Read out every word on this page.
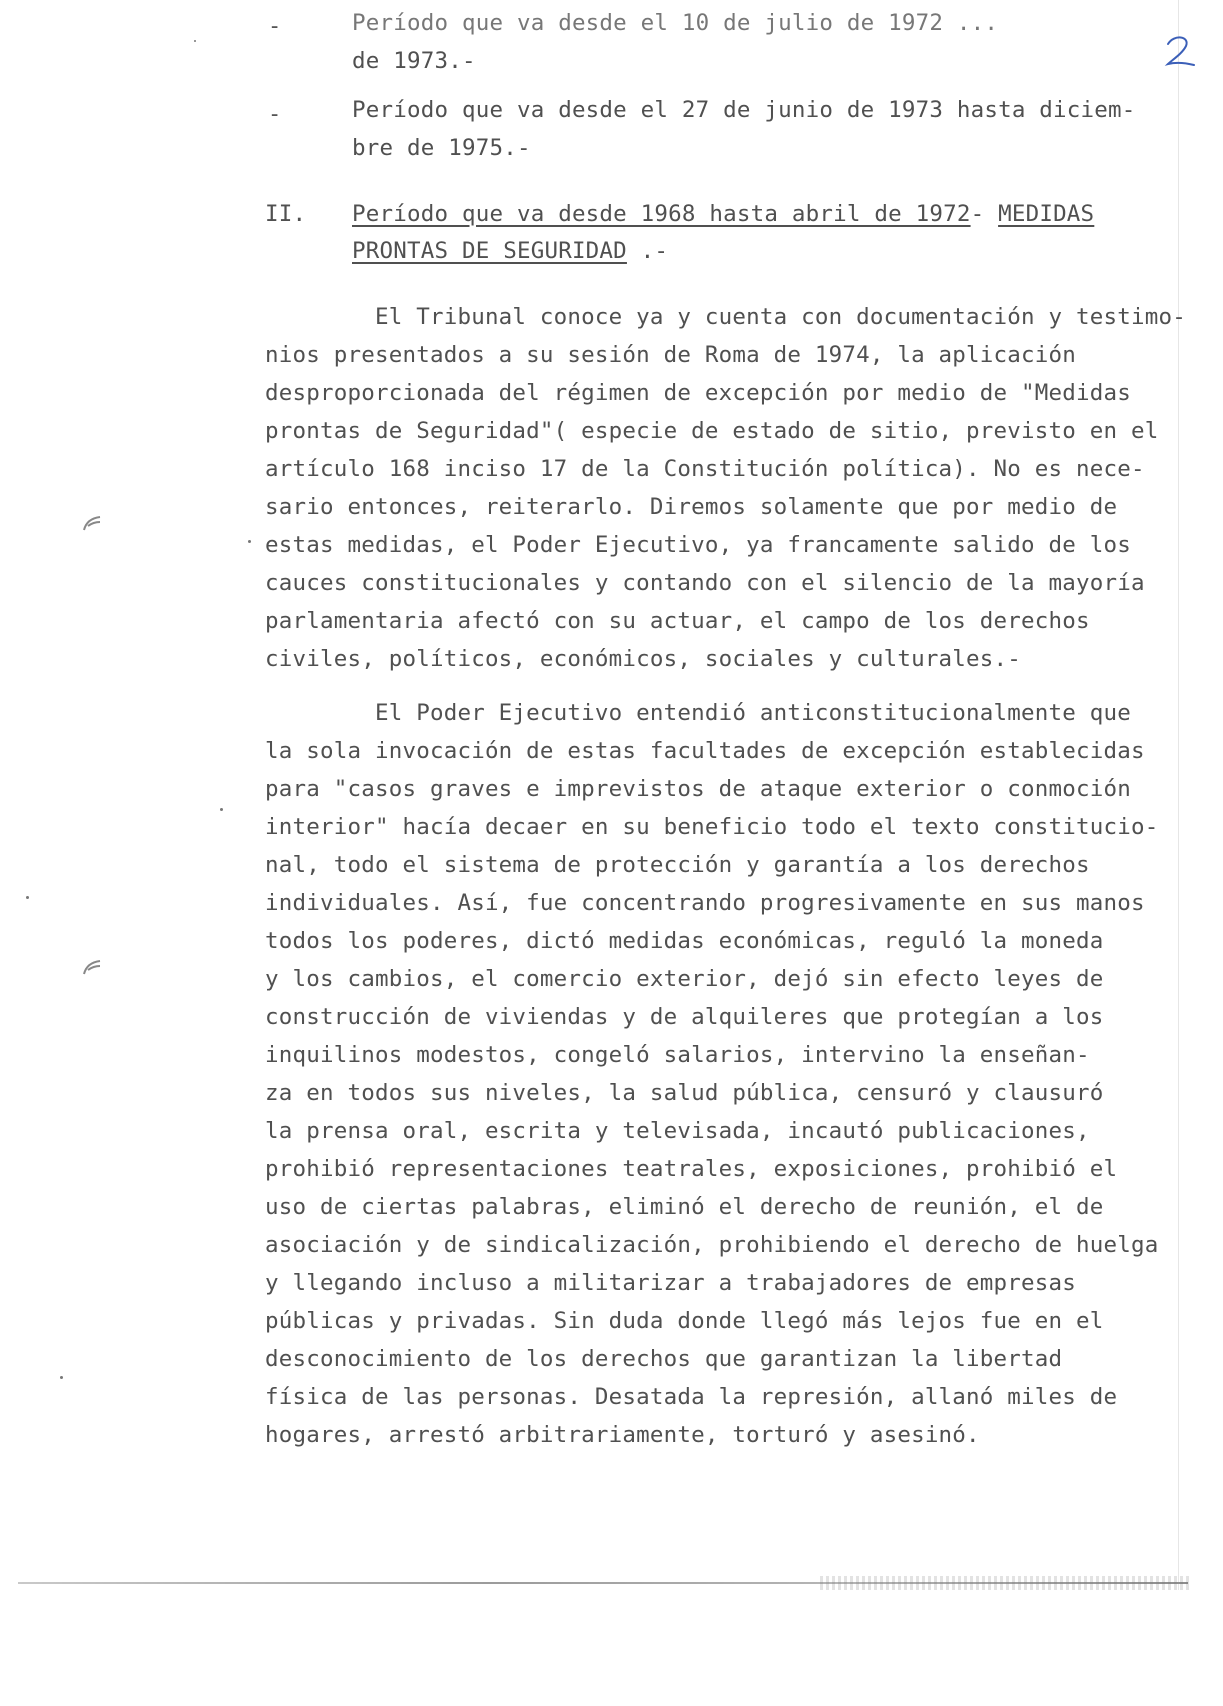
-	Período que va desde el 10 de julio de 1972 ...
de 1973.-
-	Período que va desde el 27 de junio de 1973 hasta diciem-
bre de 1975.-
II. Período que va desde 1968 hasta abril de 1972- MEDIDAS
PRONTAS DE SEGURIDAD .-
El Tribunal conoce ya y cuenta con documentación y testimo-
nios presentados a su sesión de Roma de 1974, la aplicación
desproporcionada del régimen de excepción por medio de "Medidas
prontas de Seguridad"( especie de estado de sitio, previsto en el
artículo 168 inciso 17 de la Constitución política). No es nece-
sario entonces, reiterarlo. Diremos solamente que por medio de
estas medidas, el Poder Ejecutivo, ya francamente salido de los
cauces constitucionales y contando con el silencio de la mayoría
parlamentaria afectó con su actuar, el campo de los derechos
civiles, políticos, económicos, sociales y culturales.-
El Poder Ejecutivo entendió anticonstitucionalmente que
la sola invocación de estas facultades de excepción establecidas
para "casos graves e imprevistos de ataque exterior o conmoción
interior" hacía decaer en su beneficio todo el texto constitucio-
nal, todo el sistema de protección y garantía a los derechos
individuales. Así, fue concentrando progresivamente en sus manos
todos los poderes, dictó medidas económicas, reguló la moneda
y los cambios, el comercio exterior, dejó sin efecto leyes de
construcción de viviendas y de alquileres que protegían a los
inquilinos modestos, congeló salarios, intervino la enseñan-
za en todos sus niveles, la salud pública, censuró y clausuró
la prensa oral, escrita y televisada, incautó publicaciones,
prohibió representaciones teatrales, exposiciones, prohibió el
uso de ciertas palabras, eliminó el derecho de reunión, el de
asociación y de sindicalización, prohibiendo el derecho de huelga
y llegando incluso a militarizar a trabajadores de empresas
públicas y privadas. Sin duda donde llegó más lejos fue en el
desconocimiento de los derechos que garantizan la libertad
física de las personas. Desatada la represión, allanó miles de
hogares, arrestó arbitrariamente, torturó y asesinó.
